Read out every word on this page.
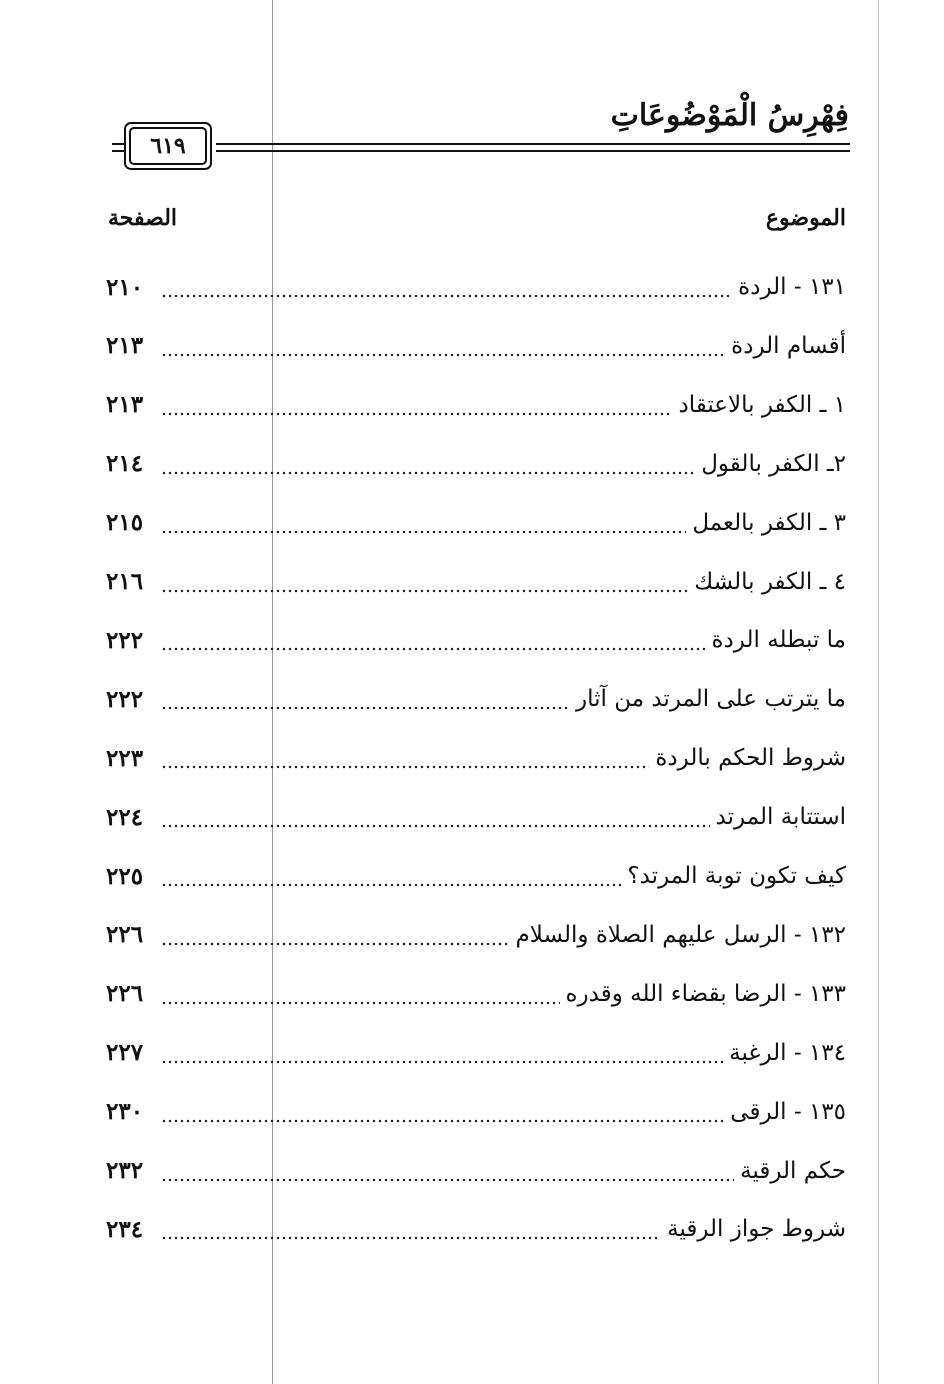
فِهْرِسُ الْمَوْضُوعَاتِ
٦١٩
الموضوع
الصفحة
١٣١ - الردة
٢١٠
أقسام الردة
٢١٣
١ ـ الكفر بالاعتقاد
٢١٣
٢ـ الكفر بالقول
٢١٤
٣ ـ الكفر بالعمل
٢١٥
٤ ـ الكفر بالشك
٢١٦
ما تبطله الردة
٢٢٢
ما يترتب على المرتد من آثار
٢٢٢
شروط الحكم بالردة
٢٢٣
استتابة المرتد
٢٢٤
كيف تكون توبة المرتد؟
٢٢٥
١٣٢ - الرسل عليهم الصلاة والسلام
٢٢٦
١٣٣ - الرضا بقضاء الله وقدره
٢٢٦
١٣٤ - الرغبة
٢٢٧
١٣٥ - الرقى
٢٣٠
حكم الرقية
٢٣٢
شروط جواز الرقية
٢٣٤
